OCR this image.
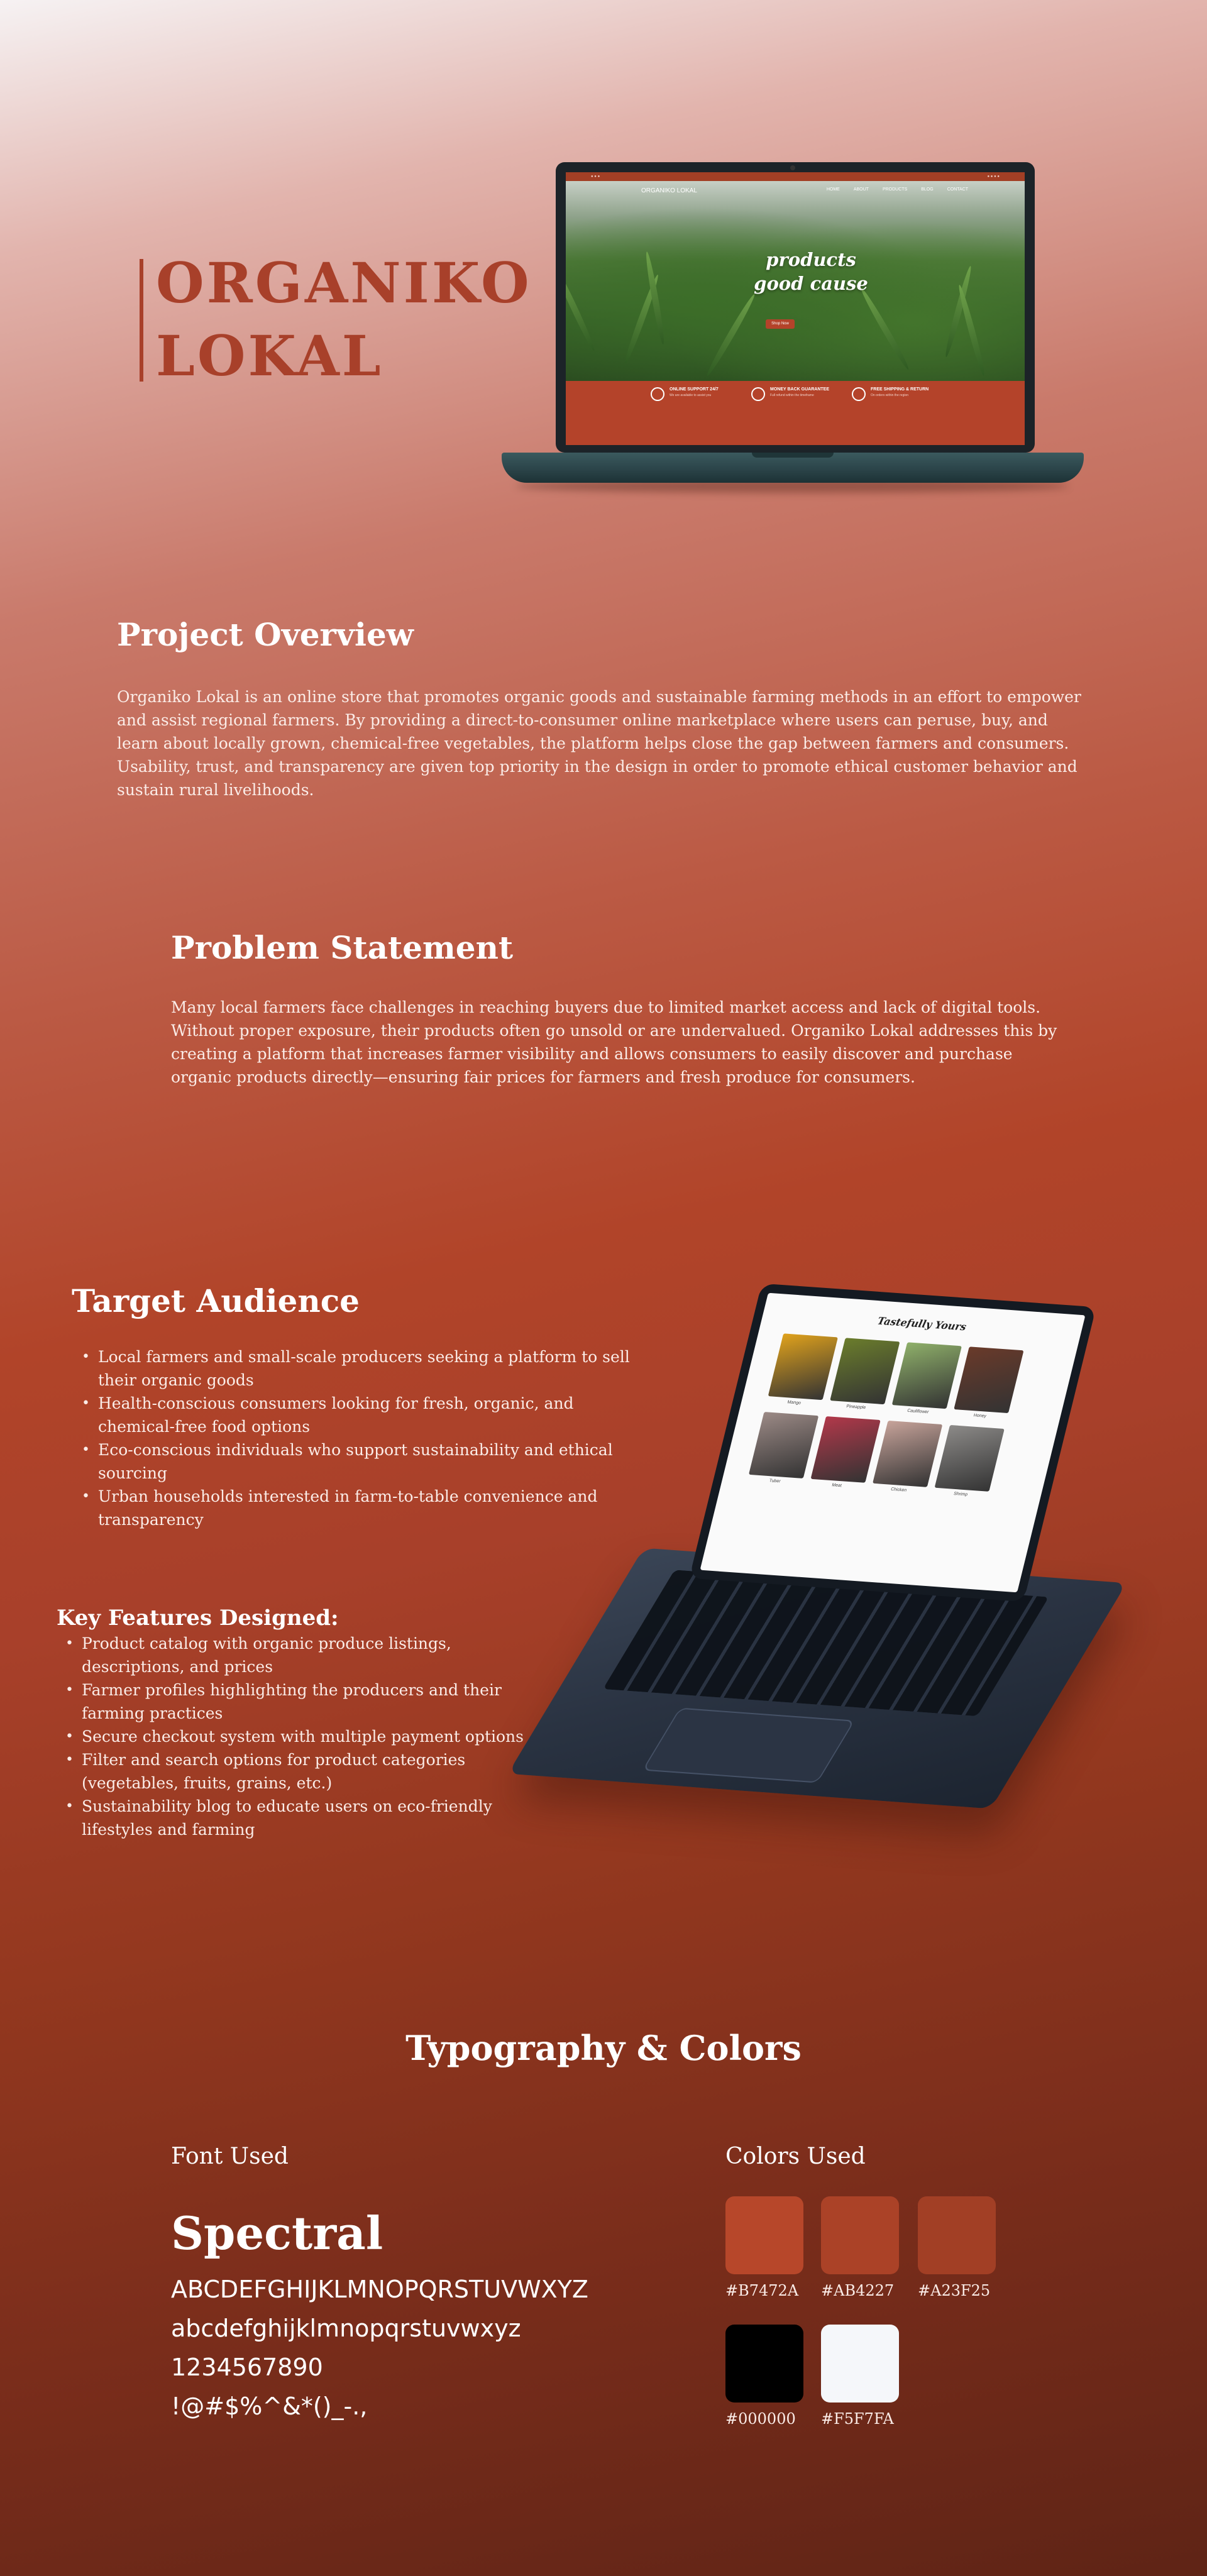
ORGANIKO
LOKAL
● ● ●	● ● ● ●
ORGANIKO LOKAL	HOME	ABOUT	PRODUCTS	BLOG	CONTACT
products
good cause
Shop Now
ONLINE SUPPORT 24/7
We are available to assist you
MONEY BACK GUARANTEE
Full refund within the timeframe
FREE SHIPPING & RETURN
On orders within the region
Project Overview

Organiko Lokal is an online store that promotes organic goods and sustainable farming methods in an effort to empower and assist regional farmers. By providing a direct-to-consumer online marketplace where users can peruse, buy, and learn about locally grown, chemical-free vegetables, the platform helps close the gap between farmers and consumers. Usability, trust, and transparency are given top priority in the design in order to promote ethical customer behavior and sustain rural livelihoods.

Problem Statement

Many local farmers face challenges in reaching buyers due to limited market access and lack of digital tools. Without proper exposure, their products often go unsold or are undervalued. Organiko Lokal addresses this by creating a platform that increases farmer visibility and allows consumers to easily discover and purchase organic products directly—ensuring fair prices for farmers and fresh produce for consumers.

Target Audience
• Local farmers and small-scale producers seeking a platform to sell their organic goods
• Health-conscious consumers looking for fresh, organic, and chemical-free food options
• Eco-conscious individuals who support sustainability and ethical sourcing
• Urban households interested in farm-to-table convenience and transparency
Key Features Designed:
• Product catalog with organic produce listings, descriptions, and prices
• Farmer profiles highlighting the producers and their farming practices
• Secure checkout system with multiple payment options
• Filter and search options for product categories (vegetables, fruits, grains, etc.)
• Sustainability blog to educate users on eco-friendly lifestyles and farming
Tastefully Yours
Mango
Pineapple
Cauliflower
Honey
Tuber
Meat
Chicken
Shrimp
Typography & Colors
Font Used	Colors Used
Spectral
ABCDEFGHIJKLMNOPQRSTUVWXYZ
abcdefghijklmnopqrstuvwxyz
1234567890
!@#$%^&*()_-.,
#B7472A	#AB4227	#A23F25
#000000	#F5F7FA
